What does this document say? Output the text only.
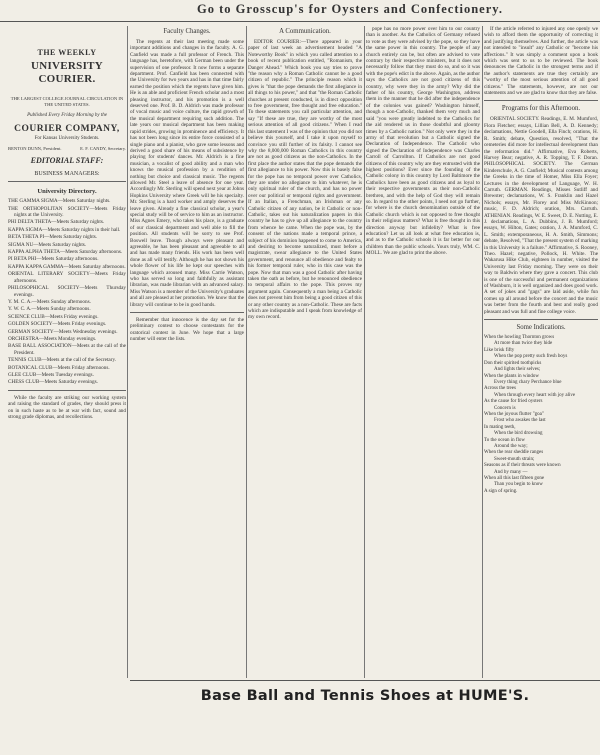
Go to Grosscup's for Oysters and Confectionery.
THE WEEKLY
UNIVERSITY COURIER.
THE LARGEST COLLEGE JOURNAL CIRCULATION IN THE UNITED STATES.
Published Every Friday Morning by the
COURIER COMPANY,
For Kansas University Students.
BENTON DUNN, President.	E. F. CANDY, Secretary.
EDITORIAL STAFF:
BUSINESS MANAGERS:
University Directory.

THE GAMMA SIGMA—Meets Saturday nights.

THE ORTHOPOLITAN SOCIETY—Meets Friday nights at the University.

PHI DELTA THETA—Meets Saturday nights.

KAPPA SIGMA—Meets Saturday nights in their hall.

BETA THETA PI—Meets Saturday nights.

SIGMA NU—Meets Saturday nights.

KAPPA ALPHA THETA—Meets Saturday afternoons.

PI BETA PHI—Meets Saturday afternoons.

KAPPA KAPPA GAMMA—Meets Saturday afternoons.

ORIENTAL LITERARY SOCIETY—Meets Friday afternoons.

PHILOSOPHICAL SOCIETY—Meets Thursday evenings.

Y. M. C. A.—Meets Sunday afternoons.

Y. W. C. A.—Meets Sunday afternoons.

SCIENCE CLUB—Meets Friday evenings.

GOLDEN SOCIETY—Meets Friday evenings.

GERMAN SOCIETY—Meets Wednesday evenings.

ORCHESTRA—Meets Monday evenings.

BASE BALL ASSOCIATION—Meets at the call of the President.

TENNIS CLUB—Meets at the call of the Secretary.

BOTANICAL CLUB—Meets Friday afternoons.

GLEE CLUB—Meets Tuesday evenings.

CHESS CLUB—Meets Saturday evenings.

While the faculty are striking our working system and raising the standard of grades, they should press it on in such haste as to be at war with fact, sound and strong grade diplomas, and recollections.

Faculty Changes.

The regents at their last meeting made some important additions and changes in the faculty. A. G. Canfield was made a full professor of French. This language has, heretofore, with German been under the supervision of one professor. It now forms a separate department. Prof. Canfield has been connected with the University for two years and has in that time fairly earned the position which the regents have given him. He is an able and proficient French scholar and a most pleasing instructor, and his promotion is a well deserved one. Prof. B. D. Aldrich was made professor of vocal music and voice culture, the rapid growth of the musical department requiring such addition. The late years our musical department has been making rapid strides, growing in prominence and efficiency. It has not been long since its entire force consisted of a single piano and a pianist, who gave some lessons and derived a good share of his means of subsistence by playing for students' dances. Mr. Aldrich is a fine musician, a vocalist of good ability and a man who knows the musical profession by a rendition of nothing but choice and classical music. The regents allowed Mr. Steel a leave of absence for one year. Accordingly Mr. Sterling will spend next year at Johns Hopkins University where Greek will be his specialty. Mr. Sterling is a hard worker and amply deserves the leave given. Already a fine classical scholar, a year's special study will be of service to him as an instructor. Miss Agnes Emery, who takes his place, is a graduate of our classical department and well able to fill the position. All students will be sorry to see Prof. Boswell leave. Though always were pleasant and agreeable, he has been pleasant and agreeable to all and has made many friends. His work has been well done as all will testify. Although he has not shown his whole flower of his life he kept our speeches with language which aroused many. Miss Carrie Watson, who has served so long and faithfully as assistant librarian, was made librarian with an advanced salary. Miss Watson is a member of the University's graduates and all are pleased at her promotion. We know that the library will continue to be in good hands.

Remember that innocence is the day set for the preliminary contest to choose contestants for the oratorical contest in June. We hope that a large number will enter the lists.

A Communication.

EDITOR COURIER:—There appeared in your paper of last week an advertisement headed "A Noteworthy Book" in which you called attention to a book of recent publication entitled, "Romanism, the Danger Ahead." Which book you say tries to prove "the reason why a Roman Catholic cannot be a good citizen of republic." The principle reason which it gives is "that the pope demands the first allegiance in all things to his power," and that "the Roman Catholic churches at present conducted, is in direct opposition to free government, free thought and free education." To these statements you call particular attention, and say "If these are true, they are worthy of the most serious attention of all good citizens." When I read this last statement I was of the opinion that you did not believe this yourself, and I take it upon myself to convince you still further of its falsity. I cannot see why the 8,000,000 Roman Catholics in this country are not as good citizens as the non-Catholics. In the first place the author states that the pope demands the first allegiance to his power. Now this is basely false for the pope has no temporal power over Catholics, they are under no allegiance to him whatever, he is only spiritual ruler of the church, and has no power over our political or temporal rights and government. If an Italian, a Frenchman, an Irishman or any Catholic citizen of any nation, be it Catholic or non-Catholic, takes out his naturalization papers in this country he has to give up all allegiance to the country from whence he came. When the pope was, by the consent of the nations made a temporal prince, a subject of his dominion happened to come to America, and desiring to become naturalized, must before a magistrate, swear allegiance to the United States government, and renounce all obedience and fealty to his former temporal ruler, who in this case was the pope. Now that man was a good Catholic after having taken the oath as before, but he renounced obedience to temporal affairs to the pope. This proves my argument again. Consequently a man being a Catholic does not prevent him from being a good citizen of this or any other country as a non-Catholic. These are facts which are indisputable and I speak from knowledge of my own record.

pope has no more power over him to our country than is another. As the Catholics of Germany refused to vote as they were advised by the pope, so they have the same power in this country. The people of any church entirely can be, but often are advised to vote contrary by their respective ministers, but it does not necessarily follow that they must do so, and so it was with the pope's edict in the above. Again, as the author says the Catholics are not good citizens of this country, why were they in the army? Why did the father of his country, George Washington, address them in the manner that he did after the independence of the colonies was gained? Washington himself, though a non-Catholic, thanked them very much and said "you were greatly indebted to the Catholics for the aid rendered us in those doubtful and gloomy times by a Catholic nation." Not only were they in the army of that revolution but a Catholic signed the Declaration of Independence. The Catholic who signed the Declaration of Independence was Charles Carroll of Carrollton. If Catholics are not good citizens of this country why are they entrusted with the highest positions? Ever since the founding of the Catholic colony in this country by Lord Baltimore the Catholics have been as good citizens and as loyal to their respective governments as their non-Catholic brethren, and with the help of God they will remain so. In regard to the other points, I need not go further, for where is the church denomination outside of the Catholic church which is not opposed to free thought in their religious matters? What is free thought in this direction anyway but infidelity? What is free education? Let us all look at what free education is, and as to the Catholic schools it is far better for our children than the public schools. Yours truly, WM. C. MOLL. We are glad to print the above.

If the article referred to injured any one openly we wish to afford them the opportunity of correcting it and justifying themselves. And further, the article was not intended to "insult" any Catholic or "become his affections." It was simply a comment upon a book which was sent to us to be reviewed. The book denounces the Catholic in the strongest terms and if the author's statements are true they certainly are "worthy of the most serious attention of all good citizens." The statements, however, are not our statements and we are glad to know that they are false.

Programs for this Afternoon.

ORIENTAL SOCIETY. Readings, E. M. Mumford, Flora Fletcher; essays, Lillian Bell, A. D. Kennedy; declamations, Nettie Goodell, Ella Finch; orations, H. R. Smith; debate, Question, resolved, "That the cemeteries did more for intellectual development than the reformation did." Affirmative, Eva Roberts, Harvey Bear; negative, A. R. Topping, T. F. Doran. PHILOSOPHICAL SOCIETY. The German Kinderschule, A. G. Canfield; Musical contests among the Greeks in the time of Homer, Miss Ella Foyer; Lectures in the development of Language, W. H. Carruth. GERMAN. Readings, Misses Sutliff and Brewster; declamations, W. S. Franklin and Hazel Nichols; essays, Mr. Florey and Miss McKinnon; music, F. D. Aldrich; oration, Mrs. Carruth. ATHENIAN. Readings, W. E. Sweet, D. E. Nutting, E. J. declamations, L. A. Dubbins, J. B. Mumford; essays, W. Hilton, Gates; oration, J. A. Mumford, C. L. Smith; extemporaneous, H. A. Smith, Simmons; debate, Resolved, "That the present system of marking in this University is a failure." Affirmative, S. Rooney, Theo. Hazel; negative, Pollock, H. White. The Wakarusa Hike Club, eighteen in number, visited the University last Friday morning. They were on their way to Baldwin where they gave a concert. This club is one of the successful and permanent organizations of Washburn, it is well organized and does good work. A set of jokes and "gags" are laid aside, while fun comes up all around before the concert and the music was better from the fourth and best and really good pleasant and was full and fine college voice.

Some Indications.
When the howling Thornton grows
At more than twice they hide
Like brisk fifty
When the pop pretty such fresh boys
Don their spirited toothpicks
And lights their selves;
When the plants in window
Every thing chary Perchance blue
Across the trees
When through every heart with joy alive
As the cause for fried oysters
Concern is
When the joyous flutter "goa"
Frost who awakes the last
In mating teeth,
When the bird drowsing
To the ocean in flow
Around the way;
When the rear sheddle ranges
Sweet-mouth strain;
Seasons as if their threats were known
And by many —
When all this last fifteen gone
Than you begin to know
A sign of spring.
Base Ball and Tennis Shoes at HUME'S.
